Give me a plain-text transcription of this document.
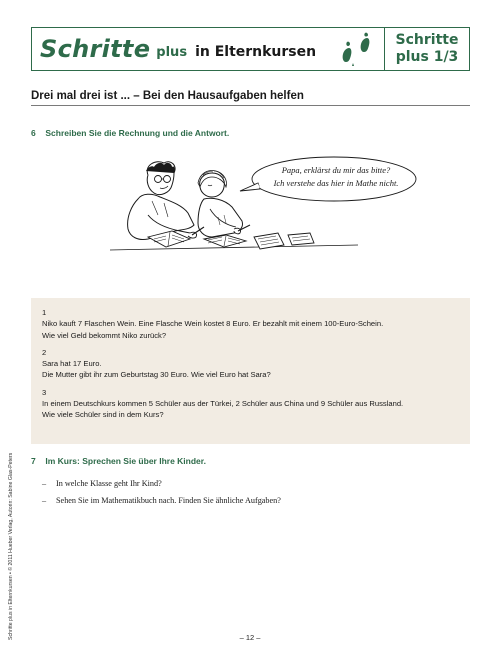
Schritte plus in Elternkursen
Schritte
plus 1/3
Drei mal drei ist ... – Bei den Hausaufgaben helfen
6 Schreiben Sie die Rechnung und die Antwort.
Papa, erklärst du mir das bitte?
Ich verstehe das hier in Mathe nicht.
1
Niko kauft 7 Flaschen Wein. Eine Flasche Wein kostet 8 Euro. Er bezahlt mit einem 100-Euro-Schein.
Wie viel Geld bekommt Niko zurück?
2
Sara hat 17 Euro.
Die Mutter gibt ihr zum Geburtstag 30 Euro. Wie viel Euro hat Sara?
3
In einem Deutschkurs kommen 5 Schüler aus der Türkei, 2 Schüler aus China und 9 Schüler aus Russland.
Wie viele Schüler sind in dem Kurs?
7 Im Kurs: Sprechen Sie über Ihre Kinder.
– In welche Klasse geht Ihr Kind?
– Sehen Sie im Mathematikbuch nach. Finden Sie ähnliche Aufgaben?
Schritte plus in Elternkursen • © 2011 Hueber Verlag, Autorin: Sabine Glas-Peters	– 12 –
